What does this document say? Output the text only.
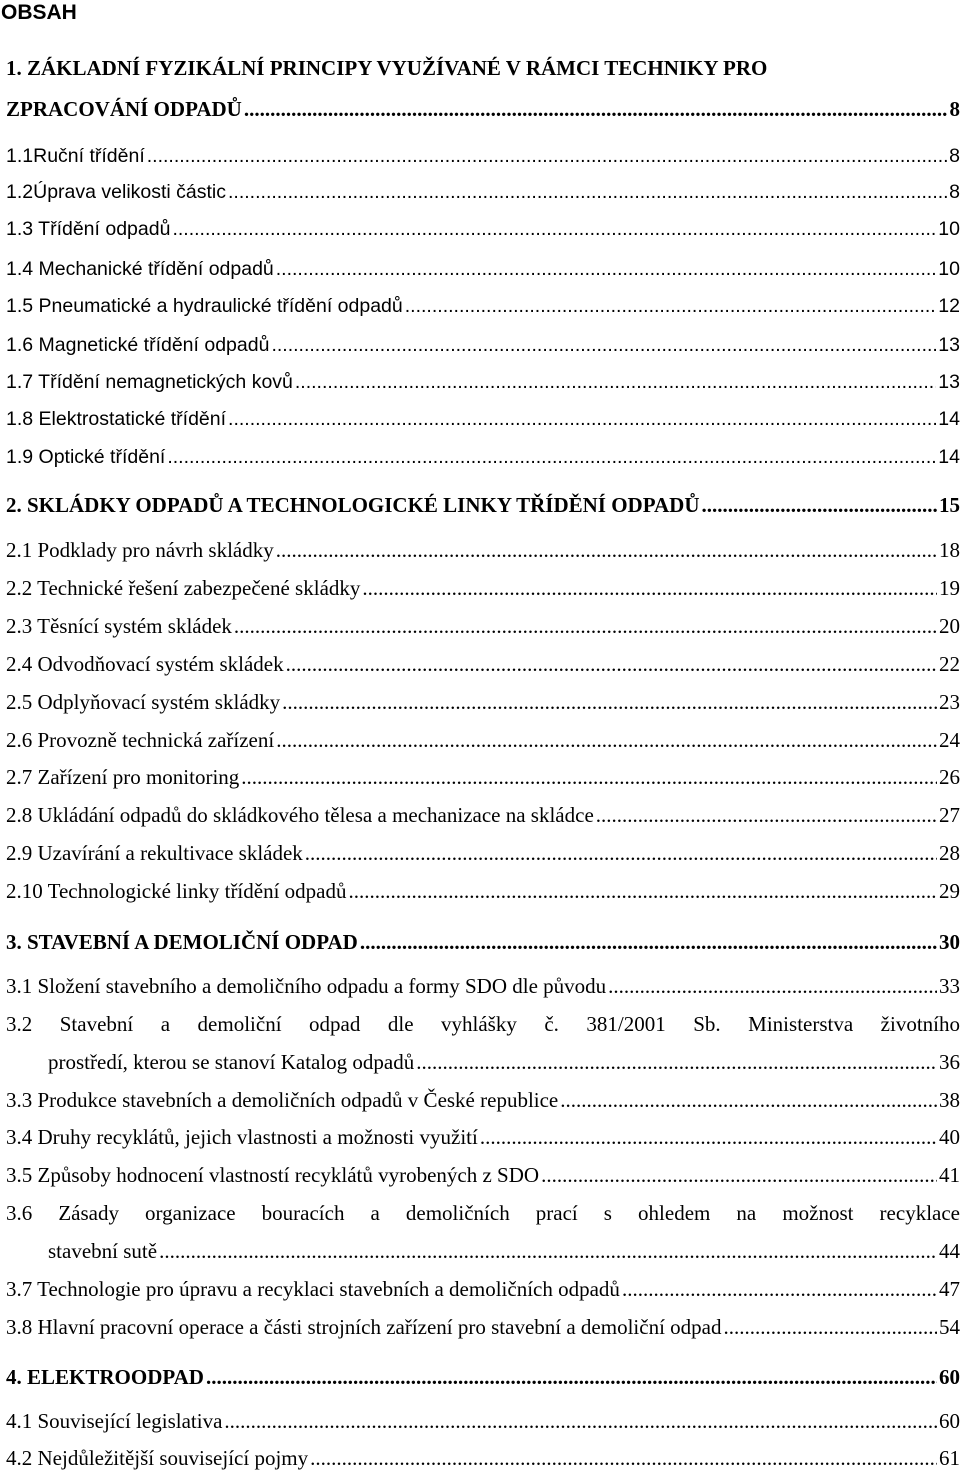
OBSAH
1. ZÁKLADNÍ FYZIKÁLNÍ PRINCIPY VYUŽÍVANÉ V RÁMCI TECHNIKY PRO
ZPRACOVÁNÍ ODPADŮ .....	8
1.1Ruční třídění .....	8
1.2Úprava velikosti částic .....	8
1.3 Třídění odpadů .....	10
1.4 Mechanické třídění odpadů .....	10
1.5 Pneumatické a hydraulické třídění odpadů .....	12
1.6 Magnetické třídění odpadů .....	13
1.7 Třídění nemagnetických kovů .....	13
1.8 Elektrostatické třídění .....	14
1.9 Optické třídění .....	14
2. SKLÁDKY ODPADŮ A TECHNOLOGICKÉ LINKY TŘÍDĚNÍ ODPADŮ .....	15
2.1 Podklady pro návrh skládky .....	18
2.2 Technické řešení zabezpečené skládky .....	19
2.3 Těsnící systém skládek .....	20
2.4 Odvodňovací systém skládek .....	22
2.5 Odplyňovací systém skládky .....	23
2.6 Provozně technická zařízení .....	24
2.7 Zařízení pro monitoring .....	26
2.8 Ukládání odpadů do skládkového tělesa a mechanizace na skládce .....	27
2.9 Uzavírání a rekultivace skládek .....	28
2.10 Technologické linky třídění odpadů .....	29
3. STAVEBNÍ A DEMOLIČNÍ ODPAD .....	30
3.1 Složení stavebního a demoličního odpadu a formy SDO dle původu .....	33
3.2 Stavební a demoliční odpad dle vyhlášky č. 381/2001 Sb. Ministerstva životního
prostředí, kterou se stanoví Katalog odpadů .....	36
3.3 Produkce stavebních a demoličních odpadů v České republice .....	38
3.4 Druhy recyklátů, jejich vlastnosti a možnosti využití .....	40
3.5 Způsoby hodnocení vlastností recyklátů vyrobených z SDO .....	41
3.6 Zásady organizace bouracích a demoličních prací s ohledem na možnost recyklace
stavební sutě .....	44
3.7 Technologie pro úpravu a recyklaci stavebních a demoličních odpadů .....	47
3.8 Hlavní pracovní operace a části strojních zařízení pro stavební a demoliční odpad .....	54
4. ELEKTROODPAD .....	60
4.1 Související legislativa .....	60
4.2 Nejdůležitější související pojmy .....	61
